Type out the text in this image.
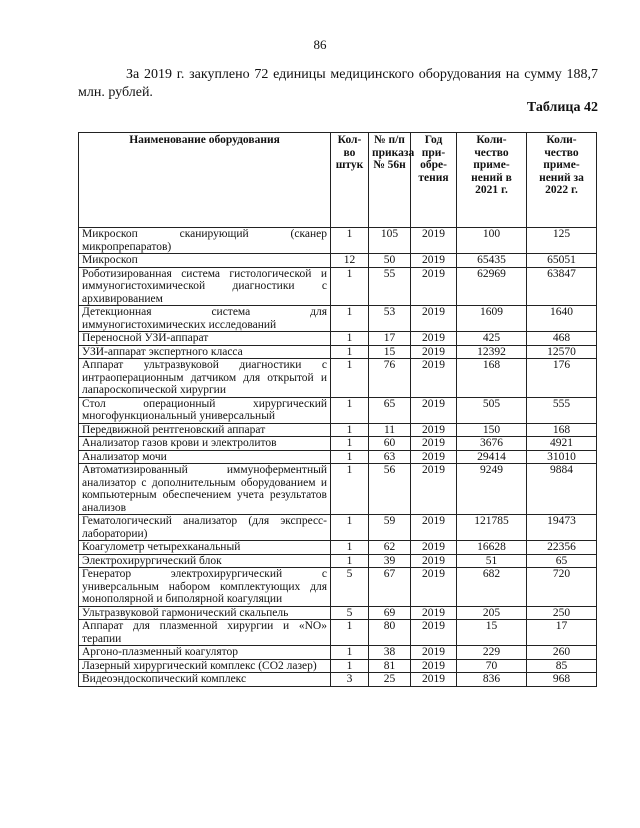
86
За 2019 г. закуплено 72 единицы медицинского оборудования на сумму 188,7 млн. рублей.
Таблица 42
Наименование оборудования	Кол-во штук	№ п/п приказа № 56н	Год при-обре-тения	Коли-чество приме-нений в 2021 г.	Коли-чество приме-нений за 2022 г.
Микроскоп сканирующий (сканер микропрепаратов)	1	105	2019	100	125
Микроскоп	12	50	2019	65435	65051
Роботизированная система гистологической и иммуногистохимической диагностики с архивированием	1	55	2019	62969	63847
Детекционная система для иммуногистохимических исследований	1	53	2019	1609	1640
Переносной УЗИ-аппарат	1	17	2019	425	468
УЗИ-аппарат экспертного класса	1	15	2019	12392	12570
Аппарат ультразвуковой диагностики с интраоперационным датчиком для открытой и лапароскопической хирургии	1	76	2019	168	176
Стол операционный хирургический многофункциональный универсальный	1	65	2019	505	555
Передвижной рентгеновский аппарат	1	11	2019	150	168
Анализатор газов крови и электролитов	1	60	2019	3676	4921
Анализатор мочи	1	63	2019	29414	31010
Автоматизированный иммуноферментный анализатор с дополнительным оборудованием и компьютерным обеспечением учета результатов анализов	1	56	2019	9249	9884
Гематологический анализатор (для экспресс-лаборатории)	1	59	2019	121785	19473
Коагулометр четырехканальный	1	62	2019	16628	22356
Электрохирургический блок	1	39	2019	51	65
Генератор электрохирургический с универсальным набором комплектующих для монополярной и биполярной коагуляции	5	67	2019	682	720
Ультразвуковой гармонический скальпель	5	69	2019	205	250
Аппарат для плазменной хирургии и «NO» терапии	1	80	2019	15	17
Аргоно-плазменный коагулятор	1	38	2019	229	260
Лазерный хирургический комплекс (CO2 лазер)	1	81	2019	70	85
Видеоэндоскопический комплекс	3	25	2019	836	968
